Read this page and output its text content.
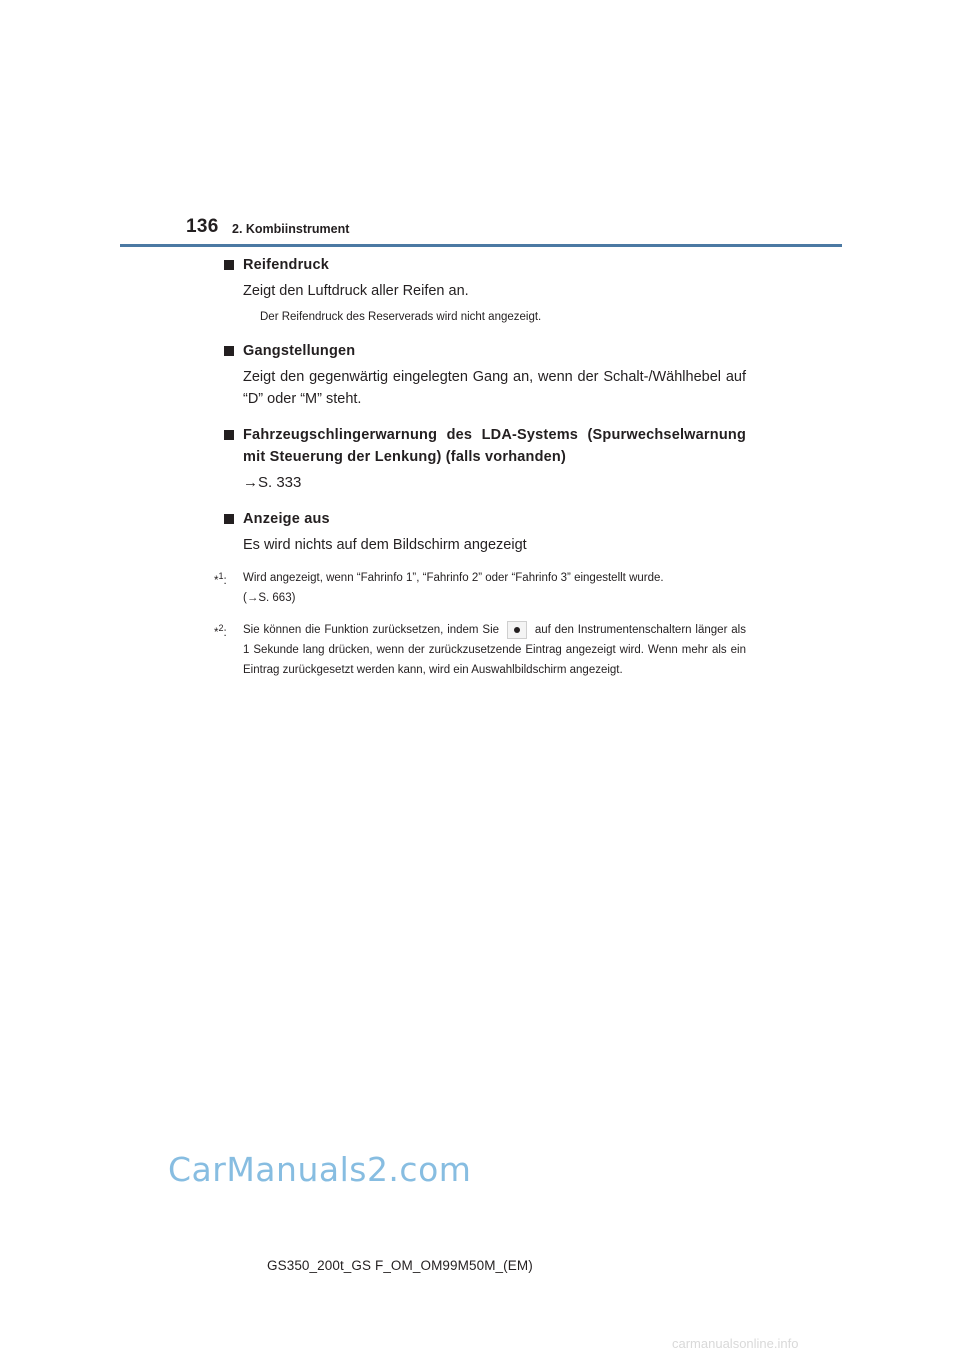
136 2. Kombiinstrument
Reifendruck
Zeigt den Luftdruck aller Reifen an.
Der Reifendruck des Reserverads wird nicht angezeigt.
Gangstellungen
Zeigt den gegenwärtig eingelegten Gang an, wenn der Schalt-/Wählhebel auf “D” oder “M” steht.
Fahrzeugschlingerwarnung des LDA-Systems (Spurwechselwarnung mit Steuerung der Lenkung) (falls vorhanden)
→S. 333
Anzeige aus
Es wird nichts auf dem Bildschirm angezeigt
*$^1$:	Wird angezeigt, wenn “Fahrinfo 1”, “Fahrinfo 2” oder “Fahrinfo 3” eingestellt wurde.
(→S. 663)
*$^2$:	Sie können die Funktion zurücksetzen, indem Sie	auf den Instrumentenschaltern länger als 1 Sekunde lang drücken, wenn der zurückzusetzende Eintrag angezeigt wird. Wenn mehr als ein Eintrag zurückgesetzt werden kann, wird ein Auswahlbildschirm angezeigt.
CarManuals2.com
GS350_200t_GS F_OM_OM99M50M_(EM)
carmanualsonline.info
